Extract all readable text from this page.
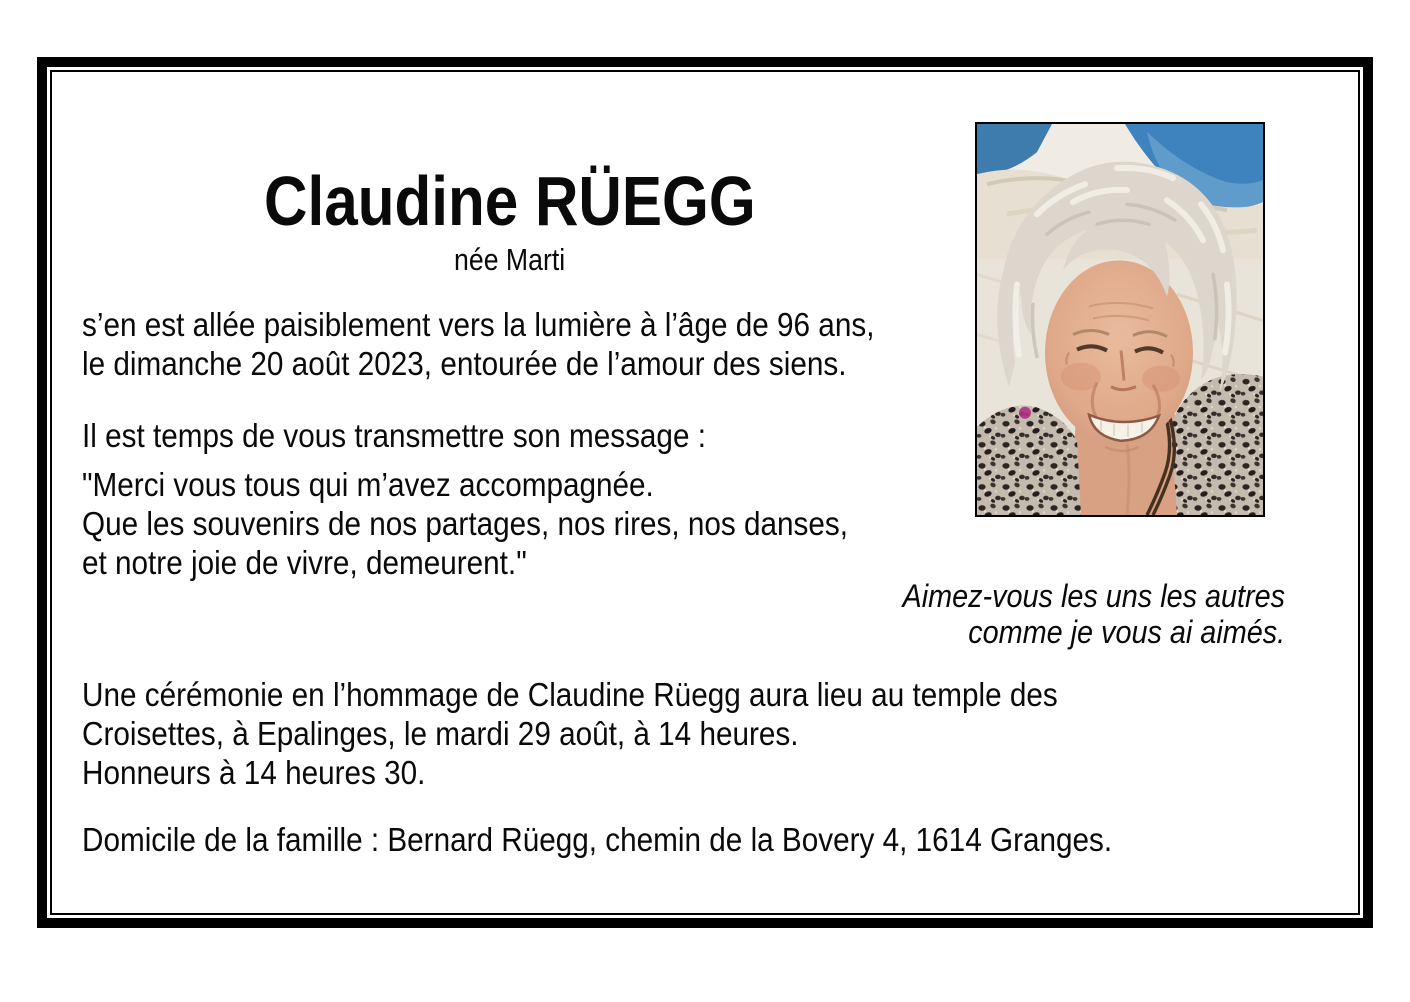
Claudine RÜEGG
née Marti
s’en est allée paisiblement vers la lumière à l’âge de 96 ans,
le dimanche 20 août 2023, entourée de l’amour des siens.
Il est temps de vous transmettre son message :
"Merci vous tous qui m’avez accompagnée.
Que les souvenirs de nos partages, nos rires, nos danses,
et notre joie de vivre, demeurent."
Aimez-vous les uns les autres
comme je vous ai aimés.
Une cérémonie en l’hommage de Claudine Rüegg aura lieu au temple des
Croisettes, à Epalinges, le mardi 29 août, à 14 heures.
Honneurs à 14 heures 30.
Domicile de la famille : Bernard Rüegg, chemin de la Bovery 4, 1614 Granges.
